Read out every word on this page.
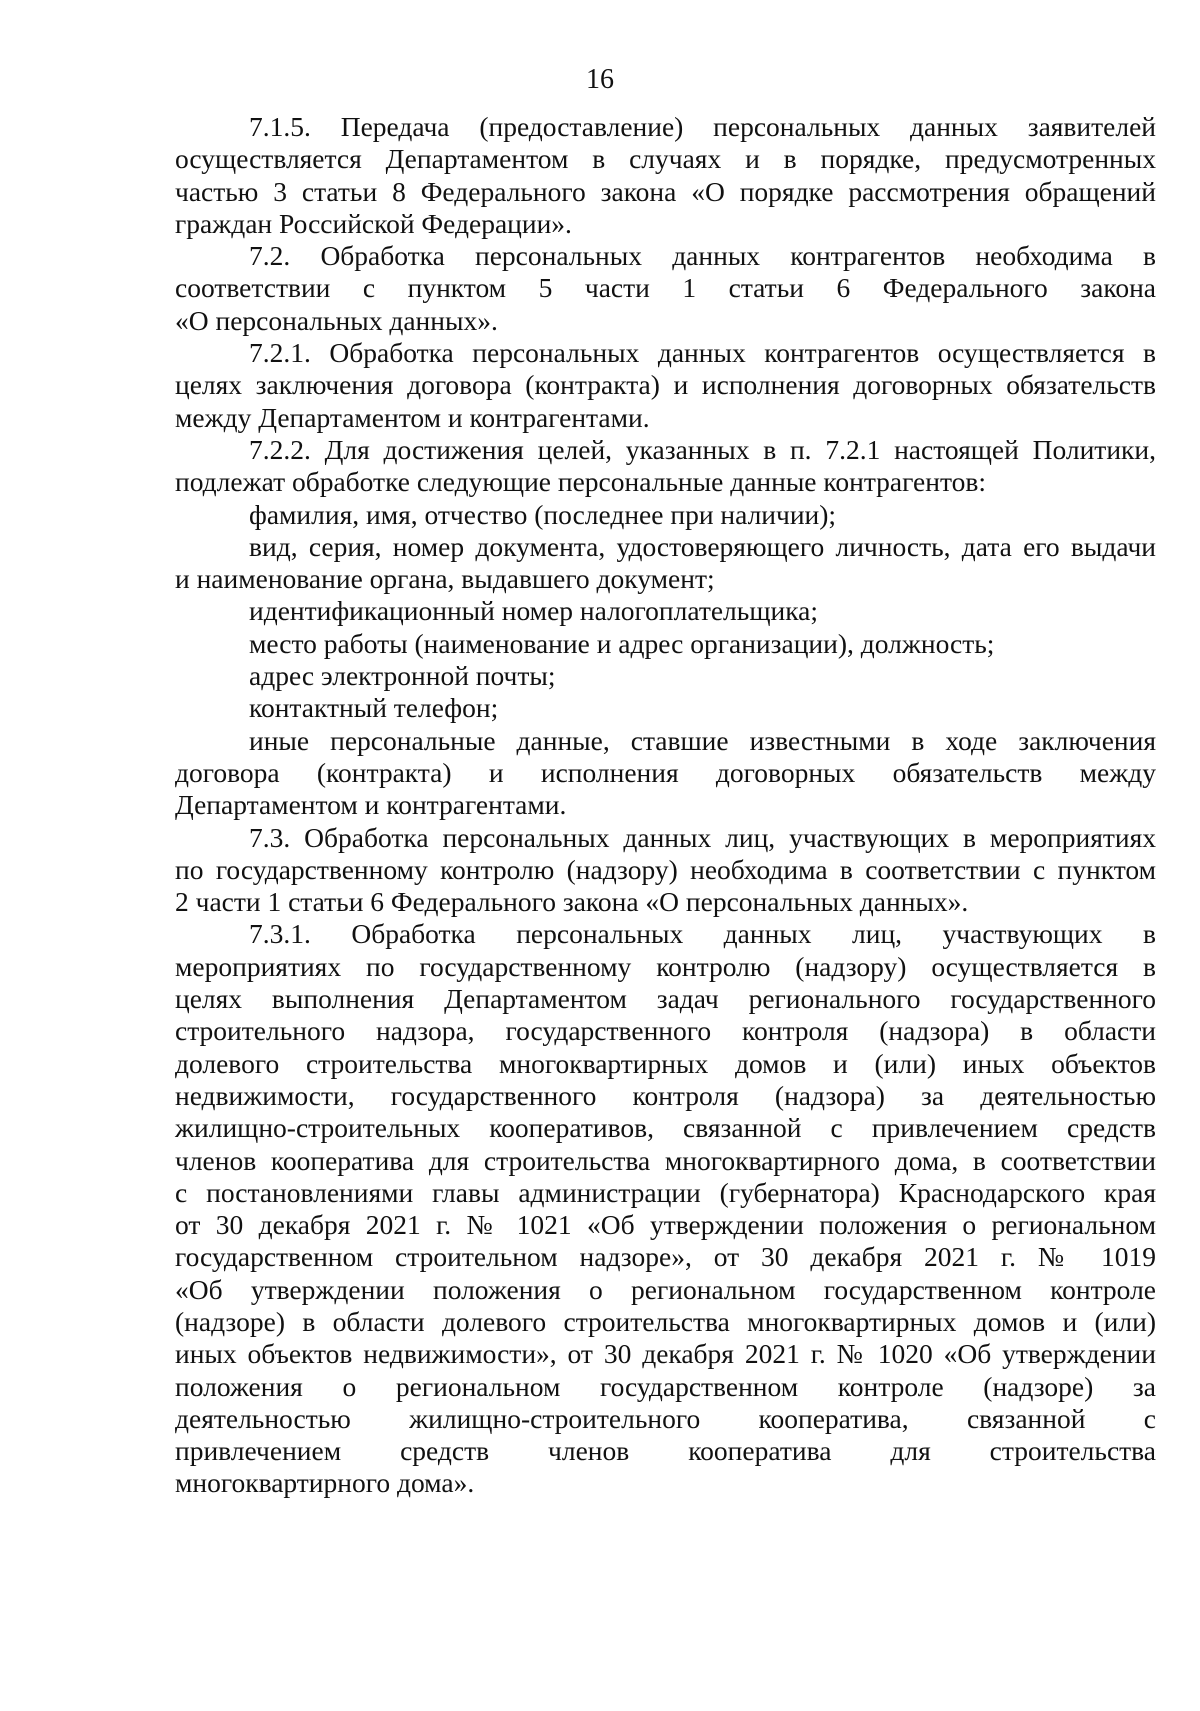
16
7.1.5. Передача (предоставление) персональных данных заявителей
осуществляется Департаментом в случаях и в порядке, предусмотренных
частью 3 статьи 8 Федерального закона «О порядке рассмотрения обращений
граждан Российской Федерации».
7.2. Обработка персональных данных контрагентов необходима в
соответствии с пунктом 5 части 1 статьи 6 Федерального закона
«О персональных данных».
7.2.1. Обработка персональных данных контрагентов осуществляется в
целях заключения договора (контракта) и исполнения договорных обязательств
между Департаментом и контрагентами.
7.2.2. Для достижения целей, указанных в п. 7.2.1 настоящей Политики,
подлежат обработке следующие персональные данные контрагентов:
фамилия, имя, отчество (последнее при наличии);
вид, серия, номер документа, удостоверяющего личность, дата его выдачи
и наименование органа, выдавшего документ;
идентификационный номер налогоплательщика;
место работы (наименование и адрес организации), должность;
адрес электронной почты;
контактный телефон;
иные персональные данные, ставшие известными в ходе заключения
договора (контракта) и исполнения договорных обязательств между
Департаментом и контрагентами.
7.3. Обработка персональных данных лиц, участвующих в мероприятиях
по государственному контролю (надзору) необходима в соответствии с пунктом
2 части 1 статьи 6 Федерального закона «О персональных данных».
7.3.1. Обработка персональных данных лиц, участвующих в
мероприятиях по государственному контролю (надзору) осуществляется в
целях выполнения Департаментом задач регионального государственного
строительного надзора, государственного контроля (надзора) в области
долевого строительства многоквартирных домов и (или) иных объектов
недвижимости, государственного контроля (надзора) за деятельностью
жилищно-строительных кооперативов, связанной с привлечением средств
членов кооператива для строительства многоквартирного дома, в соответствии
с постановлениями главы администрации (губернатора) Краснодарского края
от 30 декабря 2021 г. № 1021 «Об утверждении положения о региональном
государственном строительном надзоре», от 30 декабря 2021 г. № 1019
«Об утверждении положения о региональном государственном контроле
(надзоре) в области долевого строительства многоквартирных домов и (или)
иных объектов недвижимости», от 30 декабря 2021 г. № 1020 «Об утверждении
положения о региональном государственном контроле (надзоре) за
деятельностью жилищно-строительного кооператива, связанной с
привлечением средств членов кооператива для строительства
многоквартирного дома».
